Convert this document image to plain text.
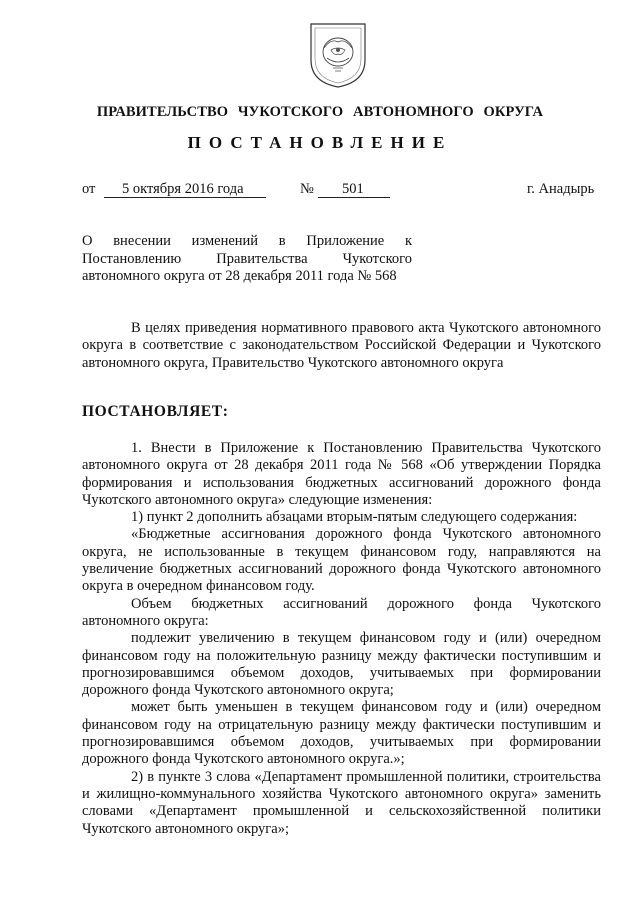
ПРАВИТЕЛЬСТВО ЧУКОТСКОГО АВТОНОМНОГО ОКРУГА
ПОСТАНОВЛЕНИЕ
от 5 октября 2016 года	№ 501	г. Анадырь
О внесении изменений в Приложение к Постановлению Правительства Чукотского автономного округа от 28 декабря 2011 года № 568

В целях приведения нормативного правового акта Чукотского автономного округа в соответствие с законодательством Российской Федерации и Чукотского автономного округа, Правительство Чукотского автономного округа

ПОСТАНОВЛЯЕТ:

1. Внести в Приложение к Постановлению Правительства Чукотского автономного округа от 28 декабря 2011 года № 568 «Об утверждении Порядка формирования и использования бюджетных ассигнований дорожного фонда Чукотского автономного округа» следующие изменения:

1) пункт 2 дополнить абзацами вторым-пятым следующего содержания:

«Бюджетные ассигнования дорожного фонда Чукотского автономного округа, не использованные в текущем финансовом году, направляются на увеличение бюджетных ассигнований дорожного фонда Чукотского автономного округа в очередном финансовом году.

Объем бюджетных ассигнований дорожного фонда Чукотского автономного округа:

подлежит увеличению в текущем финансовом году и (или) очередном финансовом году на положительную разницу между фактически поступившим и прогнозировавшимся объемом доходов, учитываемых при формировании дорожного фонда Чукотского автономного округа;

может быть уменьшен в текущем финансовом году и (или) очередном финансовом году на отрицательную разницу между фактически поступившим и прогнозировавшимся объемом доходов, учитываемых при формировании дорожного фонда Чукотского автономного округа.»;

2) в пункте 3 слова «Департамент промышленной политики, строительства и жилищно-коммунального хозяйства Чукотского автономного округа» заменить словами «Департамент промышленной и сельскохозяйственной политики Чукотского автономного округа»;
